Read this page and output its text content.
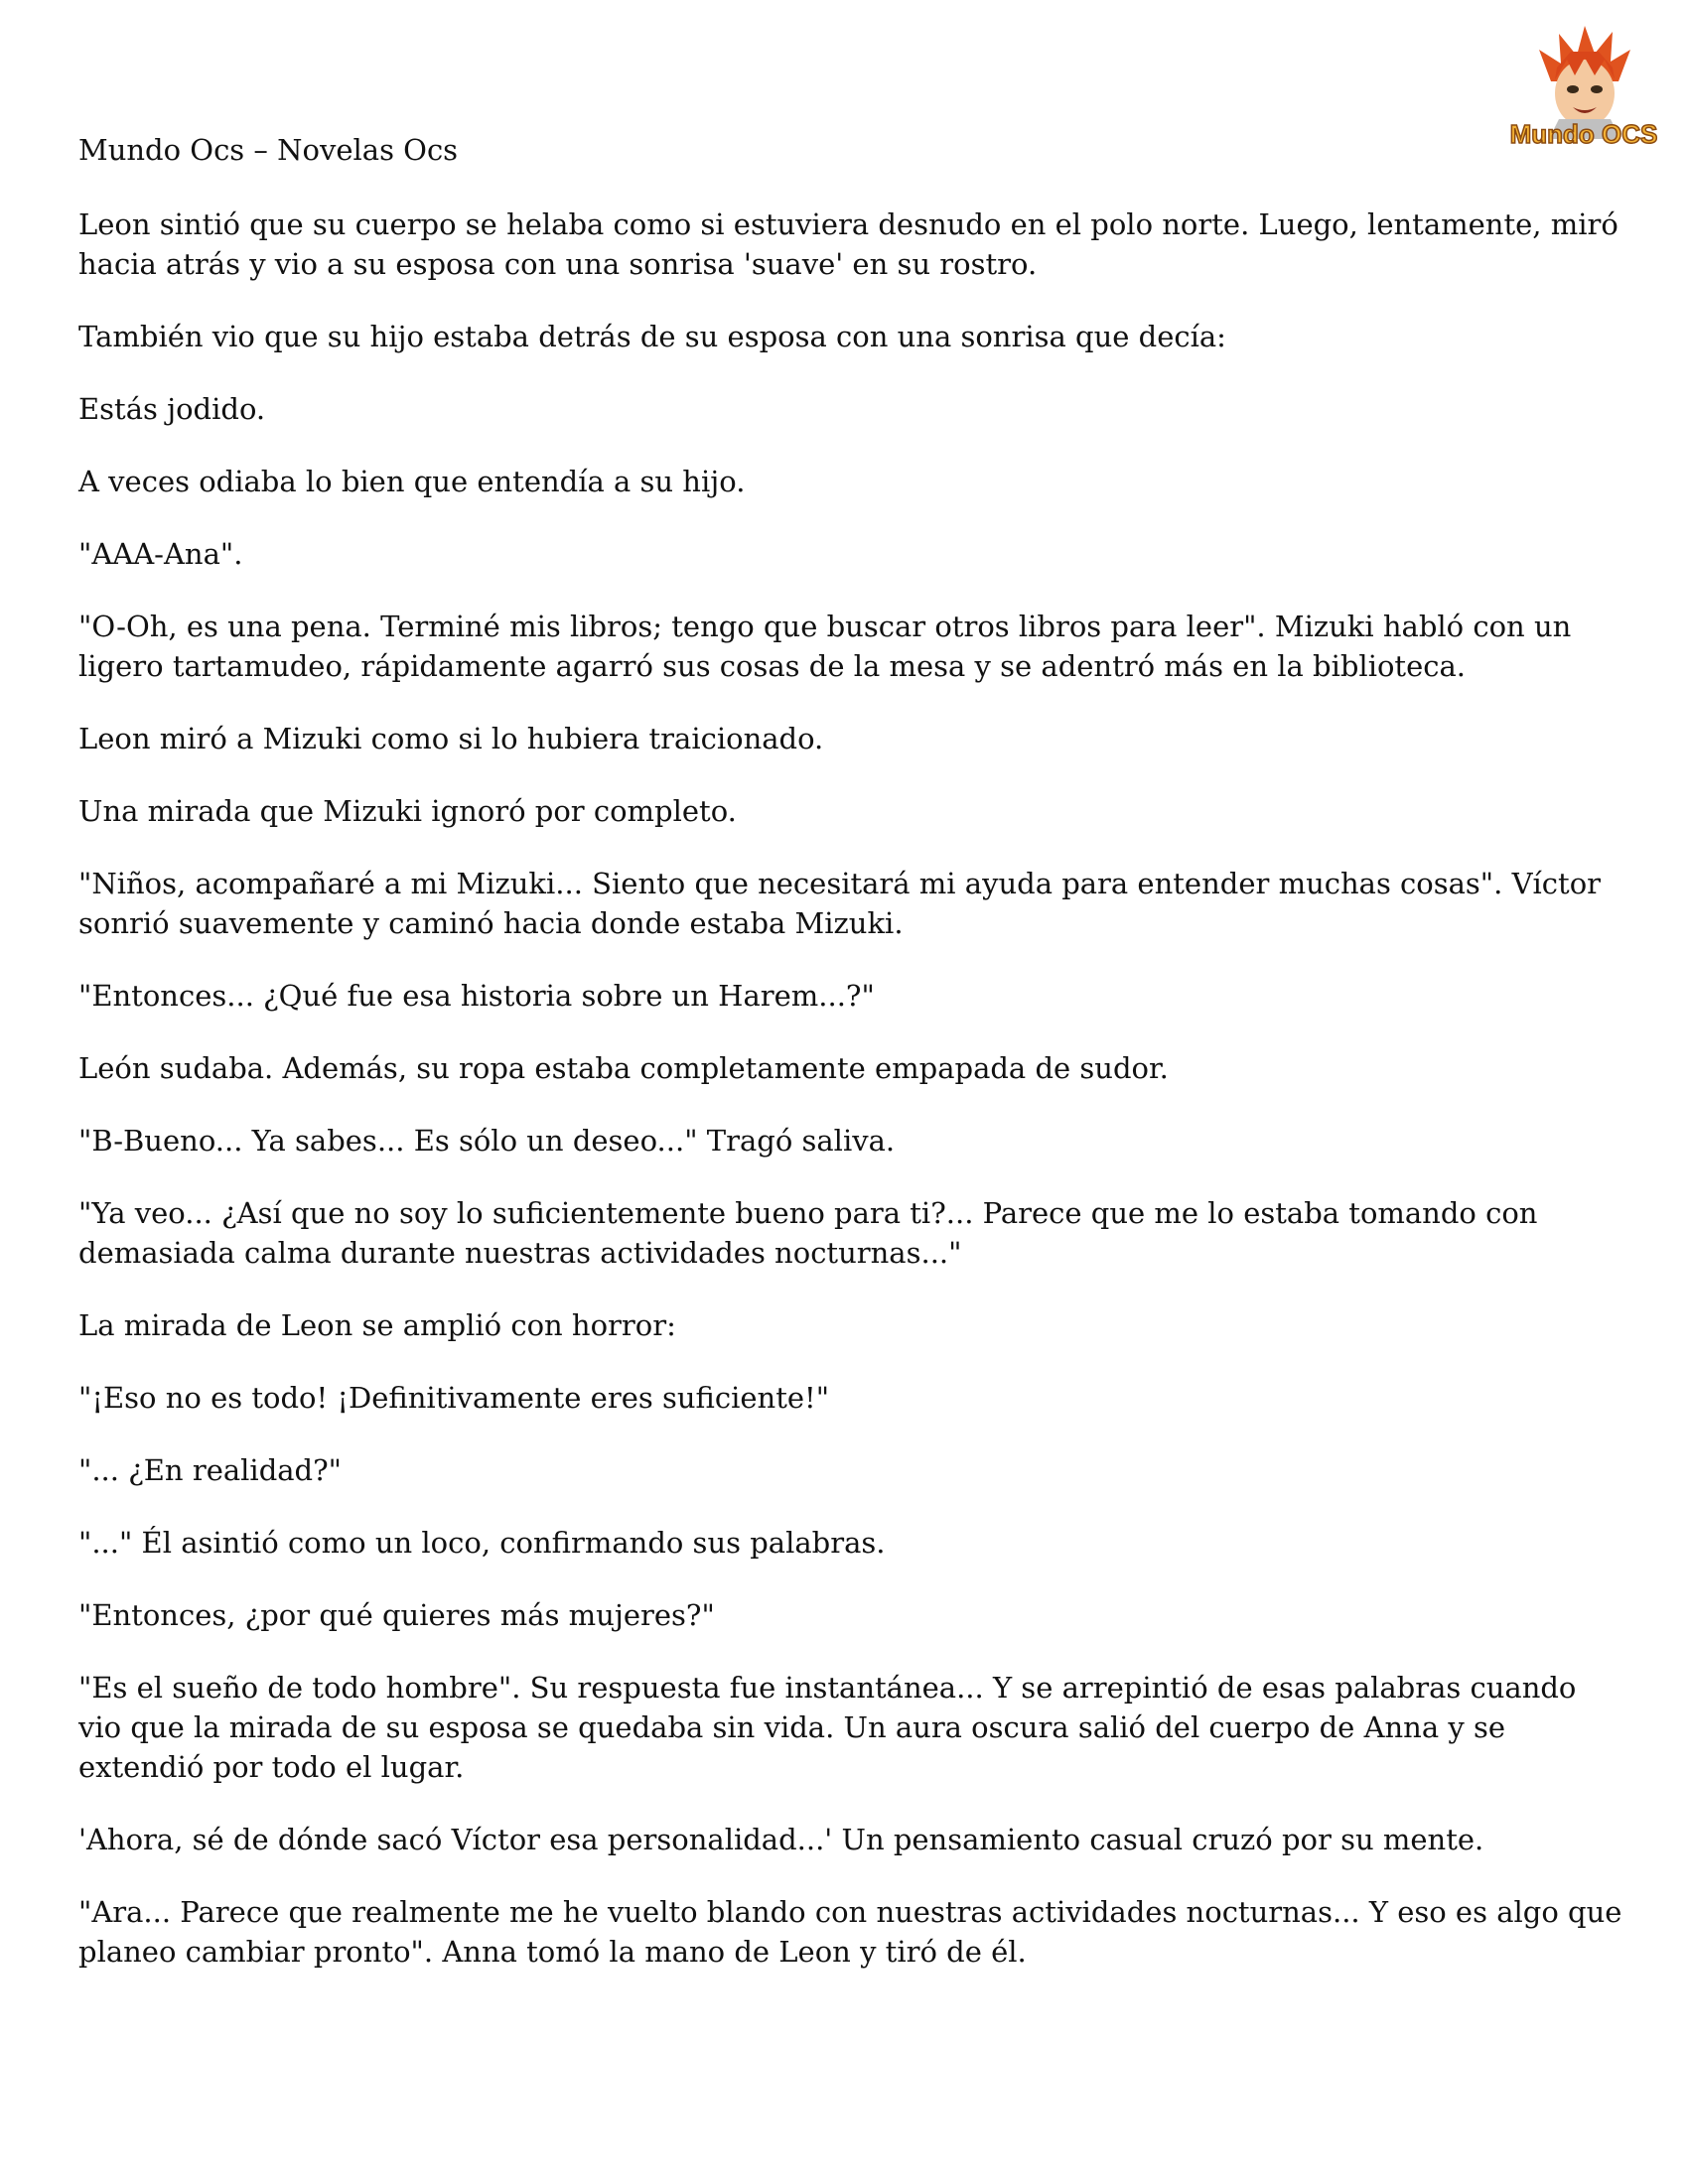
Mundo Ocs – Novelas Ocs	Mundo OCS

Leon sintió que su cuerpo se helaba como si estuviera desnudo en el polo norte. Luego, lentamente, miró hacia atrás y vio a su esposa con una sonrisa 'suave' en su rostro.

También vio que su hijo estaba detrás de su esposa con una sonrisa que decía:

Estás jodido.

A veces odiaba lo bien que entendía a su hijo.

"AAA-Ana".

"O-Oh, es una pena. Terminé mis libros; tengo que buscar otros libros para leer". Mizuki habló con un ligero tartamudeo, rápidamente agarró sus cosas de la mesa y se adentró más en la biblioteca.

Leon miró a Mizuki como si lo hubiera traicionado.

Una mirada que Mizuki ignoró por completo.

"Niños, acompañaré a mi Mizuki... Siento que necesitará mi ayuda para entender muchas cosas". Víctor sonrió suavemente y caminó hacia donde estaba Mizuki.

"Entonces... ¿Qué fue esa historia sobre un Harem...?"

León sudaba. Además, su ropa estaba completamente empapada de sudor.

"B-Bueno... Ya sabes... Es sólo un deseo..." Tragó saliva.

"Ya veo... ¿Así que no soy lo suficientemente bueno para ti?... Parece que me lo estaba tomando con demasiada calma durante nuestras actividades nocturnas..."

La mirada de Leon se amplió con horror:

"¡Eso no es todo! ¡Definitivamente eres suficiente!"

"... ¿En realidad?"

"..." Él asintió como un loco, confirmando sus palabras.

"Entonces, ¿por qué quieres más mujeres?"

"Es el sueño de todo hombre". Su respuesta fue instantánea... Y se arrepintió de esas palabras cuando vio que la mirada de su esposa se quedaba sin vida. Un aura oscura salió del cuerpo de Anna y se extendió por todo el lugar.

'Ahora, sé de dónde sacó Víctor esa personalidad...' Un pensamiento casual cruzó por su mente.

"Ara... Parece que realmente me he vuelto blando con nuestras actividades nocturnas... Y eso es algo que planeo cambiar pronto". Anna tomó la mano de Leon y tiró de él.
